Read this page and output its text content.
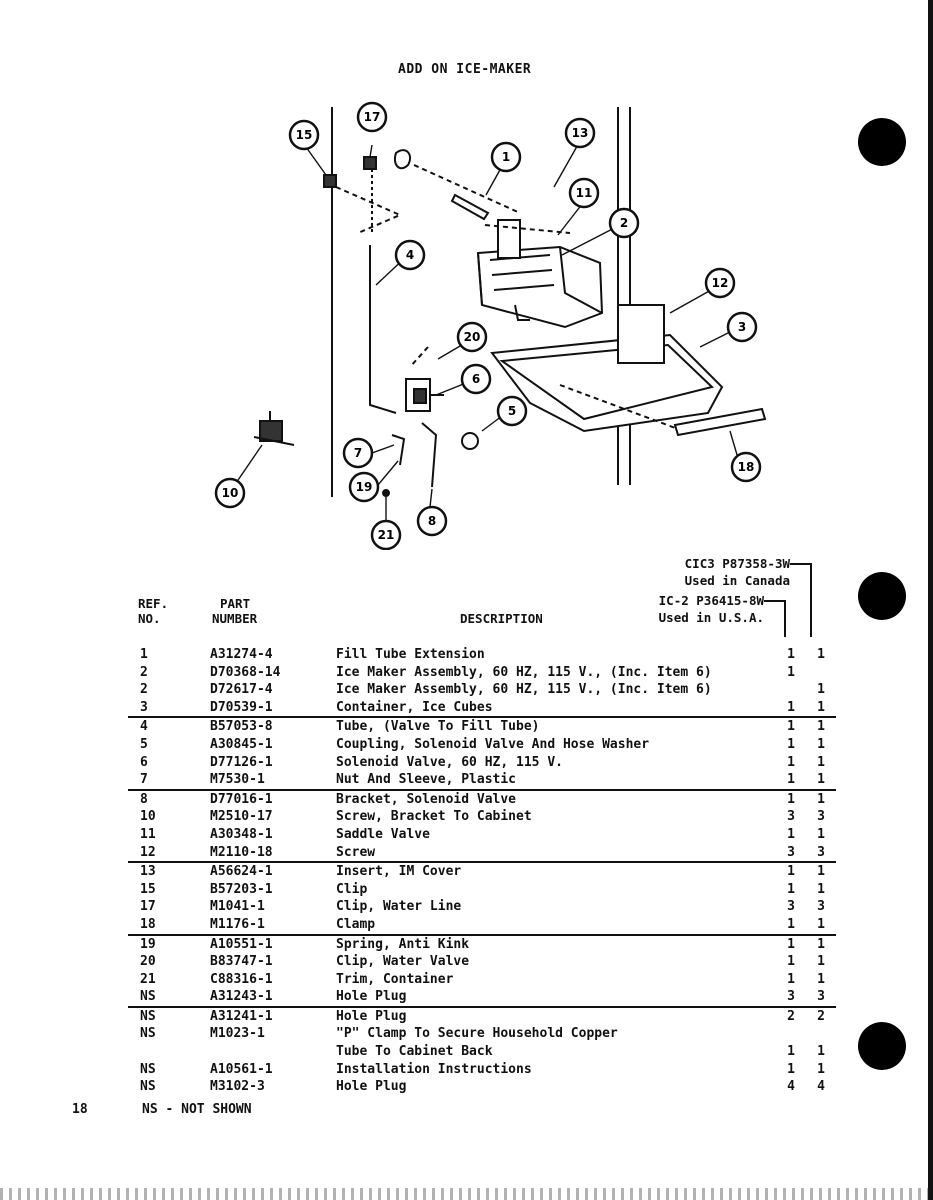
ADD ON ICE-MAKER
15
17
1
13
11
2
4
12
3
20
6
5
7
19
10
8
21
18
REF.
NO.
PART
NUMBER	DESCRIPTION
CIC3 P87358-3W
Used in Canada
IC-2 P36415-8W
Used in U.S.A.
1	A31274-4	Fill Tube Extension	1	1
2	D70368-14	Ice Maker Assembly, 60 HZ, 115 V., (Inc. Item 6)	1	
2	D72617-4	Ice Maker Assembly, 60 HZ, 115 V., (Inc. Item 6)		1
3	D70539-1	Container, Ice Cubes	1	1
4	B57053-8	Tube, (Valve To Fill Tube)	1	1
5	A30845-1	Coupling, Solenoid Valve And Hose Washer	1	1
6	D77126-1	Solenoid Valve, 60 HZ, 115 V.	1	1
7	M7530-1	Nut And Sleeve, Plastic	1	1
8	D77016-1	Bracket, Solenoid Valve	1	1
10	M2510-17	Screw, Bracket To Cabinet	3	3
11	A30348-1	Saddle Valve	1	1
12	M2110-18	Screw	3	3
13	A56624-1	Insert, IM Cover	1	1
15	B57203-1	Clip	1	1
17	M1041-1	Clip, Water Line	3	3
18	M1176-1	Clamp	1	1
19	A10551-1	Spring, Anti Kink	1	1
20	B83747-1	Clip, Water Valve	1	1
21	C88316-1	Trim, Container	1	1
NS	A31243-1	Hole Plug	3	3
NS	A31241-1	Hole Plug	2	2
NS	M1023-1	"P" Clamp To Secure Household Copper		
		Tube To Cabinet Back	1	1
NS	A10561-1	Installation Instructions	1	1
NS	M3102-3	Hole Plug	4	4
18	NS - NOT SHOWN
